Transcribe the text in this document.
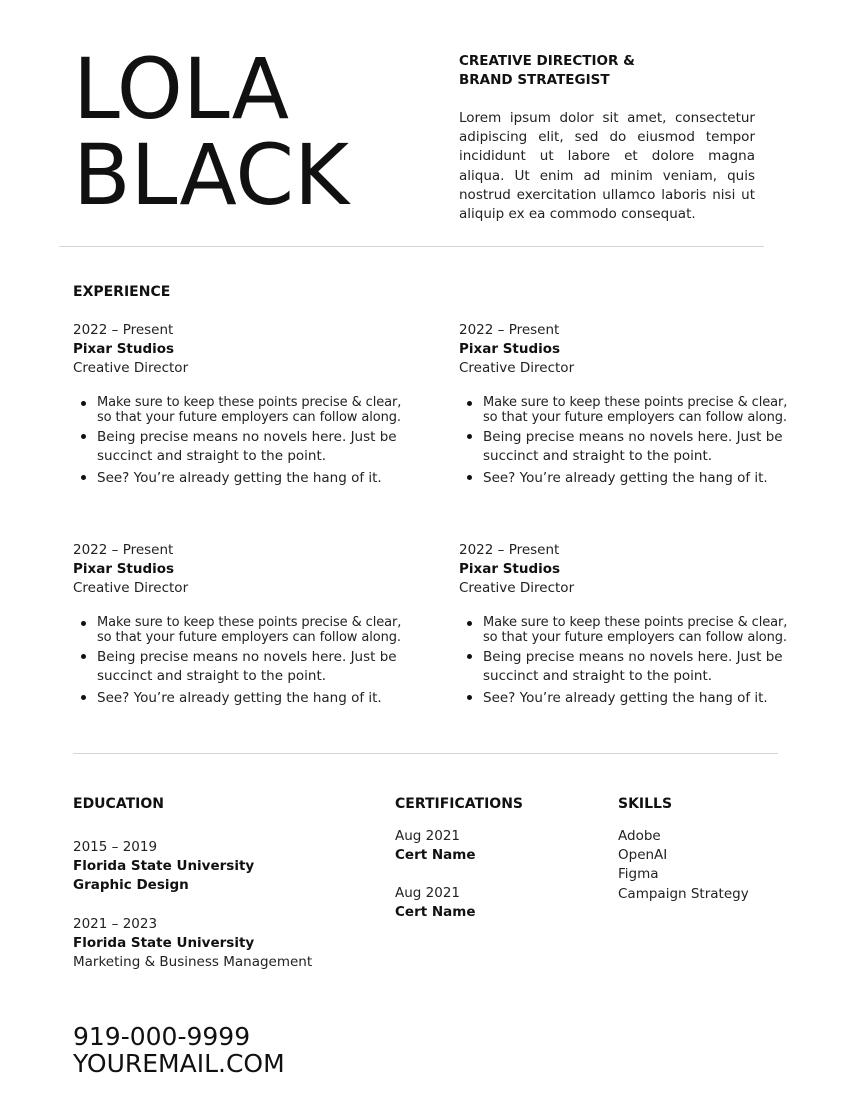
LOLA
BLACK
CREATIVE DIRECTIOR &
BRAND STRATEGIST
Lorem ipsum dolor sit amet, consectetur adipiscing elit, sed do eiusmod tempor incididunt ut labore et dolore magna aliqua. Ut enim ad minim veniam, quis nostrud exercitation ullamco laboris nisi ut aliquip ex ea commodo consequat.
EXPERIENCE
2022 – Present
Pixar Studios
Creative Director
Make sure to keep these points precise & clear, so that your future employers can follow along.
Being precise means no novels here. Just be succinct and straight to the point.
See? You’re already getting the hang of it.
2022 – Present
Pixar Studios
Creative Director
Make sure to keep these points precise & clear, so that your future employers can follow along.
Being precise means no novels here. Just be succinct and straight to the point.
See? You’re already getting the hang of it.
2022 – Present
Pixar Studios
Creative Director
Make sure to keep these points precise & clear, so that your future employers can follow along.
Being precise means no novels here. Just be succinct and straight to the point.
See? You’re already getting the hang of it.
2022 – Present
Pixar Studios
Creative Director
Make sure to keep these points precise & clear, so that your future employers can follow along.
Being precise means no novels here. Just be succinct and straight to the point.
See? You’re already getting the hang of it.
EDUCATION
2015 – 2019
Florida State University
Graphic Design
2021 – 2023
Florida State University
Marketing & Business Management
CERTIFICATIONS
Aug 2021
Cert Name
Aug 2021
Cert Name
SKILLS
Adobe
OpenAI
Figma
Campaign Strategy
919-000-9999
YOUREMAIL.COM
